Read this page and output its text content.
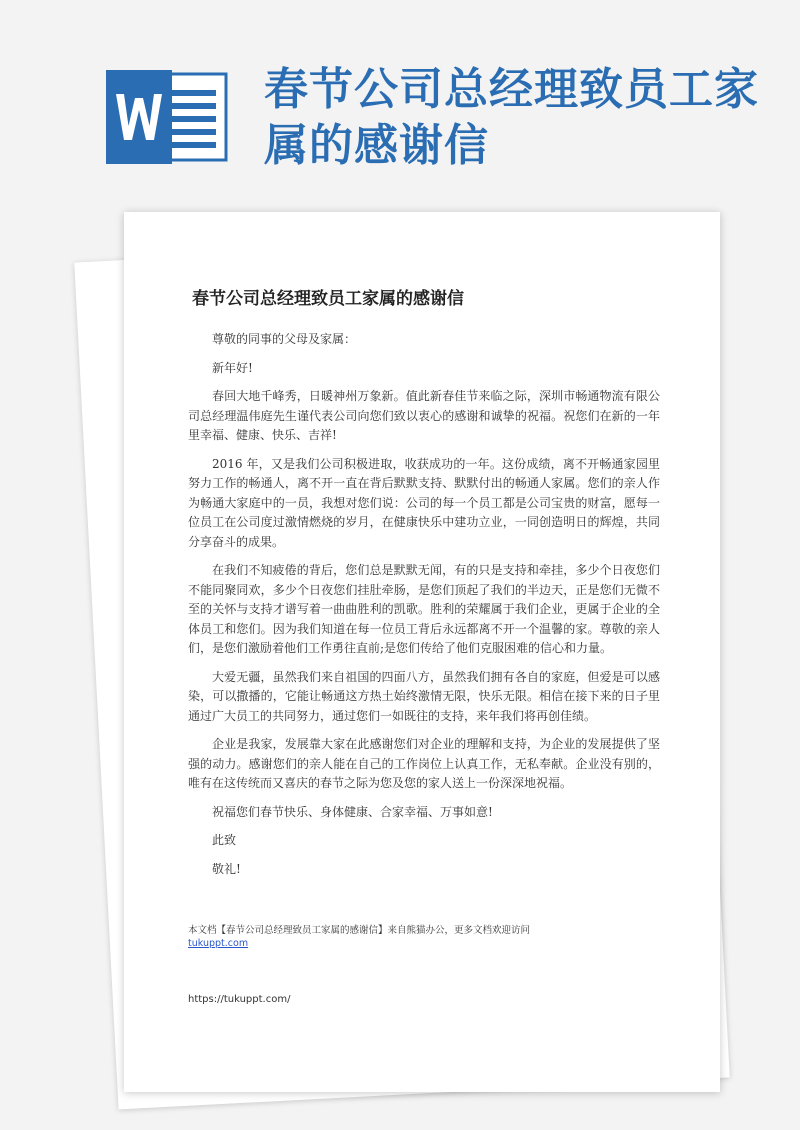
春节公司总经理致员工家属的感谢信
春节公司总经理致员工家属的感谢信

尊敬的同事的父母及家属：

新年好!

春回大地千峰秀，日暖神州万象新。值此新春佳节来临之际，深圳市畅通物流有限公司总经理温伟庭先生谨代表公司向您们致以衷心的感谢和诚挚的祝福。祝您们在新的一年里幸福、健康、快乐、吉祥!

2016 年，又是我们公司积极进取，收获成功的一年。这份成绩，离不开畅通家园里努力工作的畅通人，离不开一直在背后默默支持、默默付出的畅通人家属。您们的亲人作为畅通大家庭中的一员，我想对您们说：公司的每一个员工都是公司宝贵的财富，愿每一位员工在公司度过激情燃烧的岁月，在健康快乐中建功立业，一同创造明日的辉煌，共同分享奋斗的成果。

在我们不知疲倦的背后，您们总是默默无闻，有的只是支持和牵挂，多少个日夜您们不能同聚同欢，多少个日夜您们挂肚牵肠，是您们顶起了我们的半边天，正是您们无微不至的关怀与支持才谱写着一曲曲胜利的凯歌。胜利的荣耀属于我们企业，更属于企业的全体员工和您们。因为我们知道在每一位员工背后永远都离不开一个温馨的家。尊敬的亲人们，是您们激励着他们工作勇往直前;是您们传给了他们克服困难的信心和力量。

大爱无疆，虽然我们来自祖国的四面八方，虽然我们拥有各自的家庭，但爱是可以感染，可以撒播的，它能让畅通这方热土始终激情无限，快乐无限。相信在接下来的日子里通过广大员工的共同努力，通过您们一如既往的支持，来年我们将再创佳绩。

企业是我家，发展靠大家在此感谢您们对企业的理解和支持，为企业的发展提供了坚强的动力。感谢您们的亲人能在自己的工作岗位上认真工作，无私奉献。企业没有别的，唯有在这传统而又喜庆的春节之际为您及您的家人送上一份深深地祝福。

祝福您们春节快乐、身体健康、合家幸福、万事如意!

此致

敬礼!

本文档【春节公司总经理致员工家属的感谢信】来自熊猫办公，更多文档欢迎访问
tukuppt.com
https://tukuppt.com/
